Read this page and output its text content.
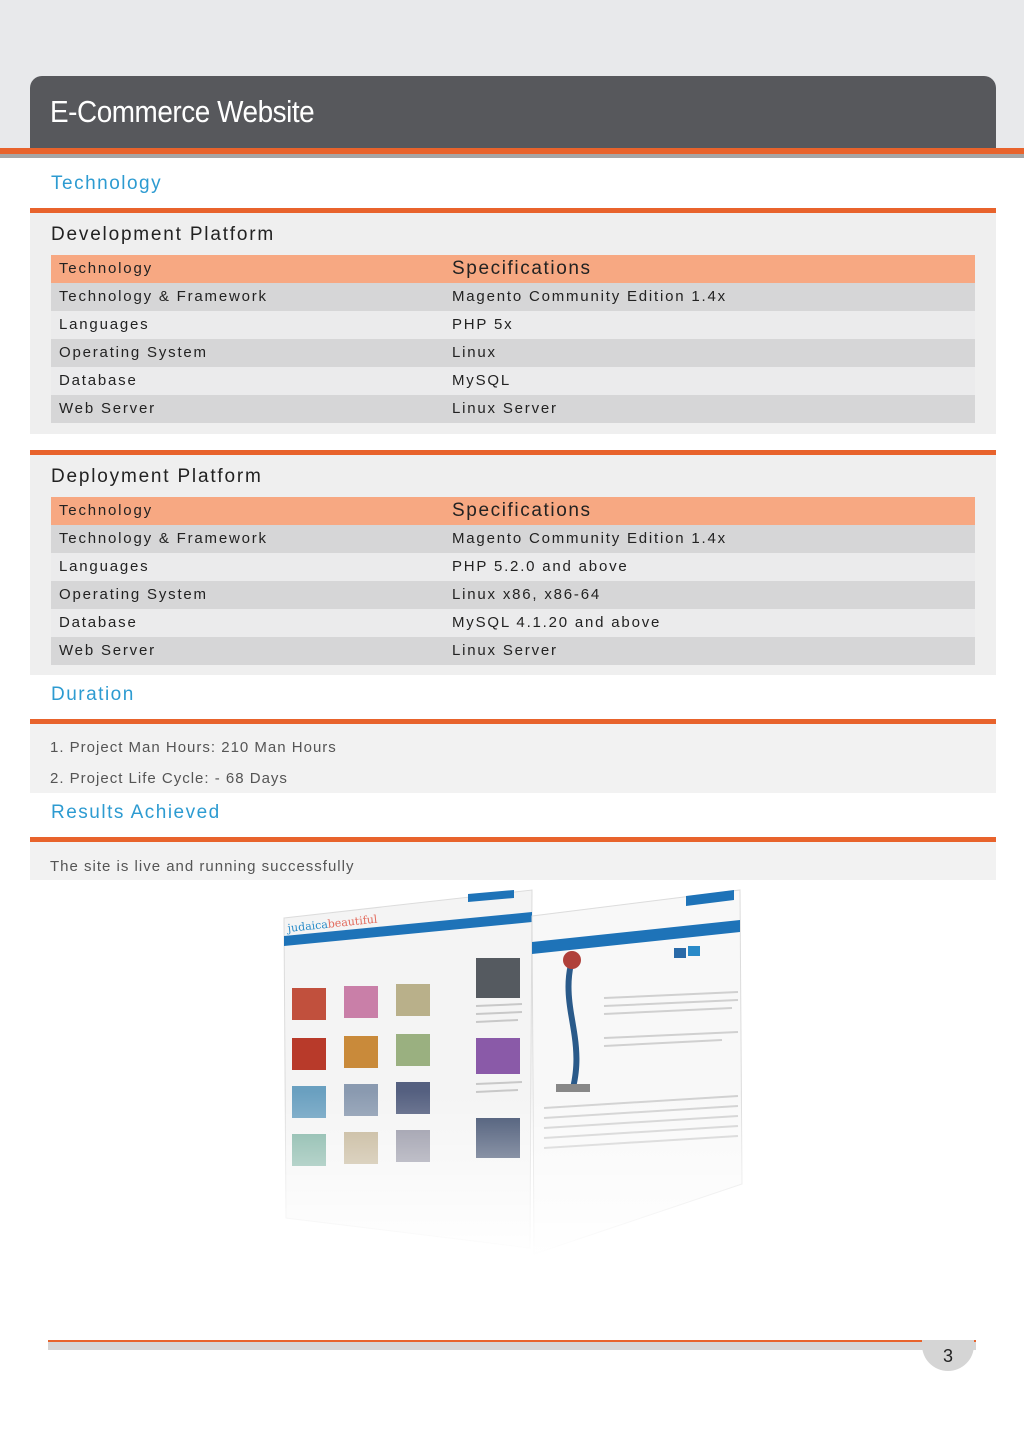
E-Commerce Website
Technology
Development Platform
Technology	Specifications
Technology & Framework	Magento Community Edition 1.4x
Languages	PHP 5x
Operating System	Linux
Database	MySQL
Web Server	Linux Server
Deployment Platform
Technology	Specifications
Technology & Framework	Magento Community Edition 1.4x
Languages	PHP 5.2.0 and above
Operating System	Linux x86, x86-64
Database	MySQL 4.1.20 and above
Web Server	Linux Server
Duration
1. Project Man Hours: 210 Man Hours
2. Project Life Cycle: - 68 Days
Results Achieved
The site is live and running successfully
3
